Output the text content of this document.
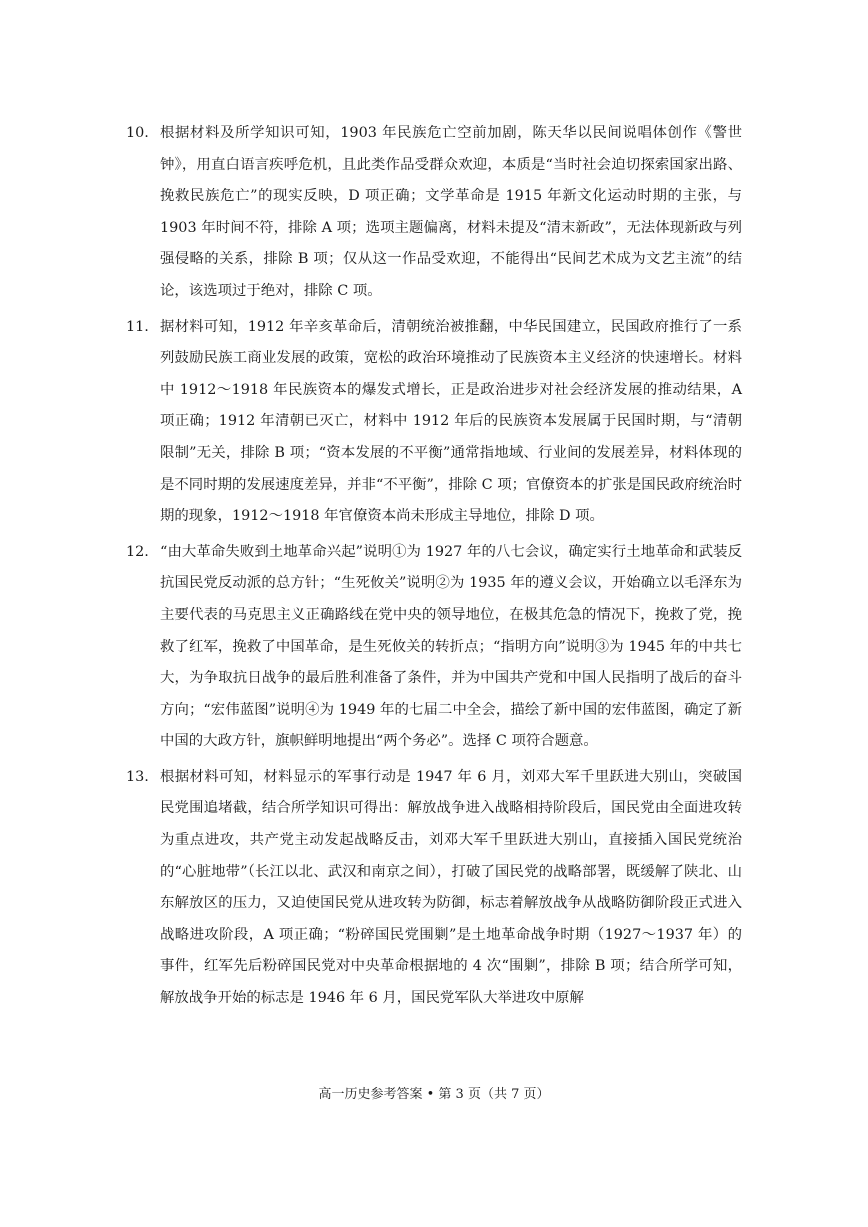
10. 根据材料及所学知识可知，1903 年民族危亡空前加剧，陈天华以民间说唱体创作《警世钟》，用直白语言疾呼危机，且此类作品受群众欢迎，本质是“当时社会迫切探索国家出路、挽救民族危亡”的现实反映，D 项正确；文学革命是 1915 年新文化运动时期的主张，与 1903 年时间不符，排除 A 项；选项主题偏离，材料未提及“清末新政”，无法体现新政与列强侵略的关系，排除 B 项；仅从这一作品受欢迎，不能得出“民间艺术成为文艺主流”的结论，该选项过于绝对，排除 C 项。

11. 据材料可知，1912 年辛亥革命后，清朝统治被推翻，中华民国建立，民国政府推行了一系列鼓励民族工商业发展的政策，宽松的政治环境推动了民族资本主义经济的快速增长。材料中 1912～1918 年民族资本的爆发式增长，正是政治进步对社会经济发展的推动结果，A 项正确；1912 年清朝已灭亡，材料中 1912 年后的民族资本发展属于民国时期，与“清朝限制”无关，排除 B 项；“资本发展的不平衡”通常指地域、行业间的发展差异，材料体现的是不同时期的发展速度差异，并非“不平衡”，排除 C 项；官僚资本的扩张是国民政府统治时期的现象，1912～1918 年官僚资本尚未形成主导地位，排除 D 项。

12. “由大革命失败到土地革命兴起”说明①为 1927 年的八七会议，确定实行土地革命和武装反抗国民党反动派的总方针；“生死攸关”说明②为 1935 年的遵义会议，开始确立以毛泽东为主要代表的马克思主义正确路线在党中央的领导地位，在极其危急的情况下，挽救了党，挽救了红军，挽救了中国革命，是生死攸关的转折点；“指明方向”说明③为 1945 年的中共七大，为争取抗日战争的最后胜利准备了条件，并为中国共产党和中国人民指明了战后的奋斗方向；“宏伟蓝图”说明④为 1949 年的七届二中全会，描绘了新中国的宏伟蓝图，确定了新中国的大政方针，旗帜鲜明地提出“两个务必”。选择 C 项符合题意。

13. 根据材料可知，材料显示的军事行动是 1947 年 6 月，刘邓大军千里跃进大别山，突破国民党围追堵截，结合所学知识可得出：解放战争进入战略相持阶段后，国民党由全面进攻转为重点进攻，共产党主动发起战略反击，刘邓大军千里跃进大别山，直接插入国民党统治的“心脏地带”（长江以北、武汉和南京之间），打破了国民党的战略部署，既缓解了陕北、山东解放区的压力，又迫使国民党从进攻转为防御，标志着解放战争从战略防御阶段正式进入战略进攻阶段，A 项正确；“粉碎国民党围剿”是土地革命战争时期（1927～1937 年）的事件，红军先后粉碎国民党对中央革命根据地的 4 次“围剿”，排除 B 项；结合所学可知，解放战争开始的标志是 1946 年 6 月，国民党军队大举进攻中原解

高一历史参考答案 • 第 3 页（共 7 页）
